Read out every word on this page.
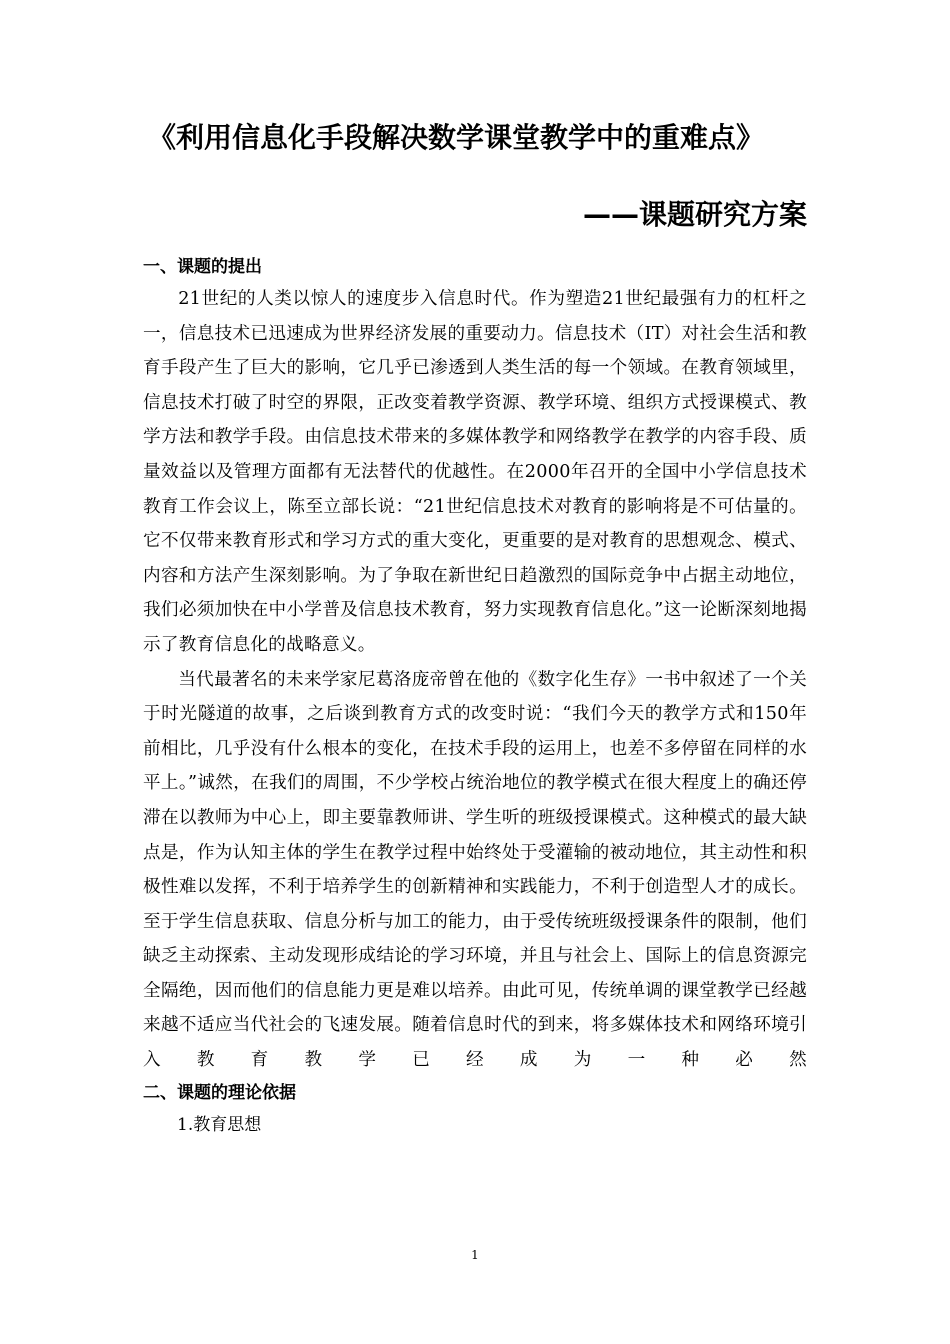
《利用信息化手段解决数学课堂教学中的重难点》
——课题研究方案

一、课题的提出

21世纪的人类以惊人的速度步入信息时代。作为塑造21世纪最强有力的杠杆之一，信息技术已迅速成为世界经济发展的重要动力。信息技术（IT）对社会生活和教育手段产生了巨大的影响，它几乎已渗透到人类生活的每一个领域。在教育领域里，信息技术打破了时空的界限，正改变着教学资源、教学环境、组织方式授课模式、教学方法和教学手段。由信息技术带来的多媒体教学和网络教学在教学的内容手段、质量效益以及管理方面都有无法替代的优越性。在2000年召开的全国中小学信息技术教育工作会议上，陈至立部长说：“21世纪信息技术对教育的影响将是不可估量的。它不仅带来教育形式和学习方式的重大变化，更重要的是对教育的思想观念、模式、内容和方法产生深刻影响。为了争取在新世纪日趋激烈的国际竞争中占据主动地位，我们必须加快在中小学普及信息技术教育，努力实现教育信息化。”这一论断深刻地揭示了教育信息化的战略意义。

当代最著名的未来学家尼葛洛庞帝曾在他的《数字化生存》一书中叙述了一个关于时光隧道的故事，之后谈到教育方式的改变时说：“我们今天的教学方式和150年前相比，几乎没有什么根本的变化，在技术手段的运用上，也差不多停留在同样的水平上。”诚然，在我们的周围，不少学校占统治地位的教学模式在很大程度上的确还停滞在以教师为中心上，即主要靠教师讲、学生听的班级授课模式。这种模式的最大缺点是，作为认知主体的学生在教学过程中始终处于受灌输的被动地位，其主动性和积极性难以发挥，不利于培养学生的创新精神和实践能力，不利于创造型人才的成长。至于学生信息获取、信息分析与加工的能力，由于受传统班级授课条件的限制，他们缺乏主动探索、主动发现形成结论的学习环境，并且与社会上、国际上的信息资源完全隔绝，因而他们的信息能力更是难以培养。由此可见，传统单调的课堂教学已经越来越不适应当代社会的飞速发展。随着信息时代的到来，将多媒体技术和网络环境引入教育教学已经成为一种必然

二、课题的理论依据

1.教育思想

1
